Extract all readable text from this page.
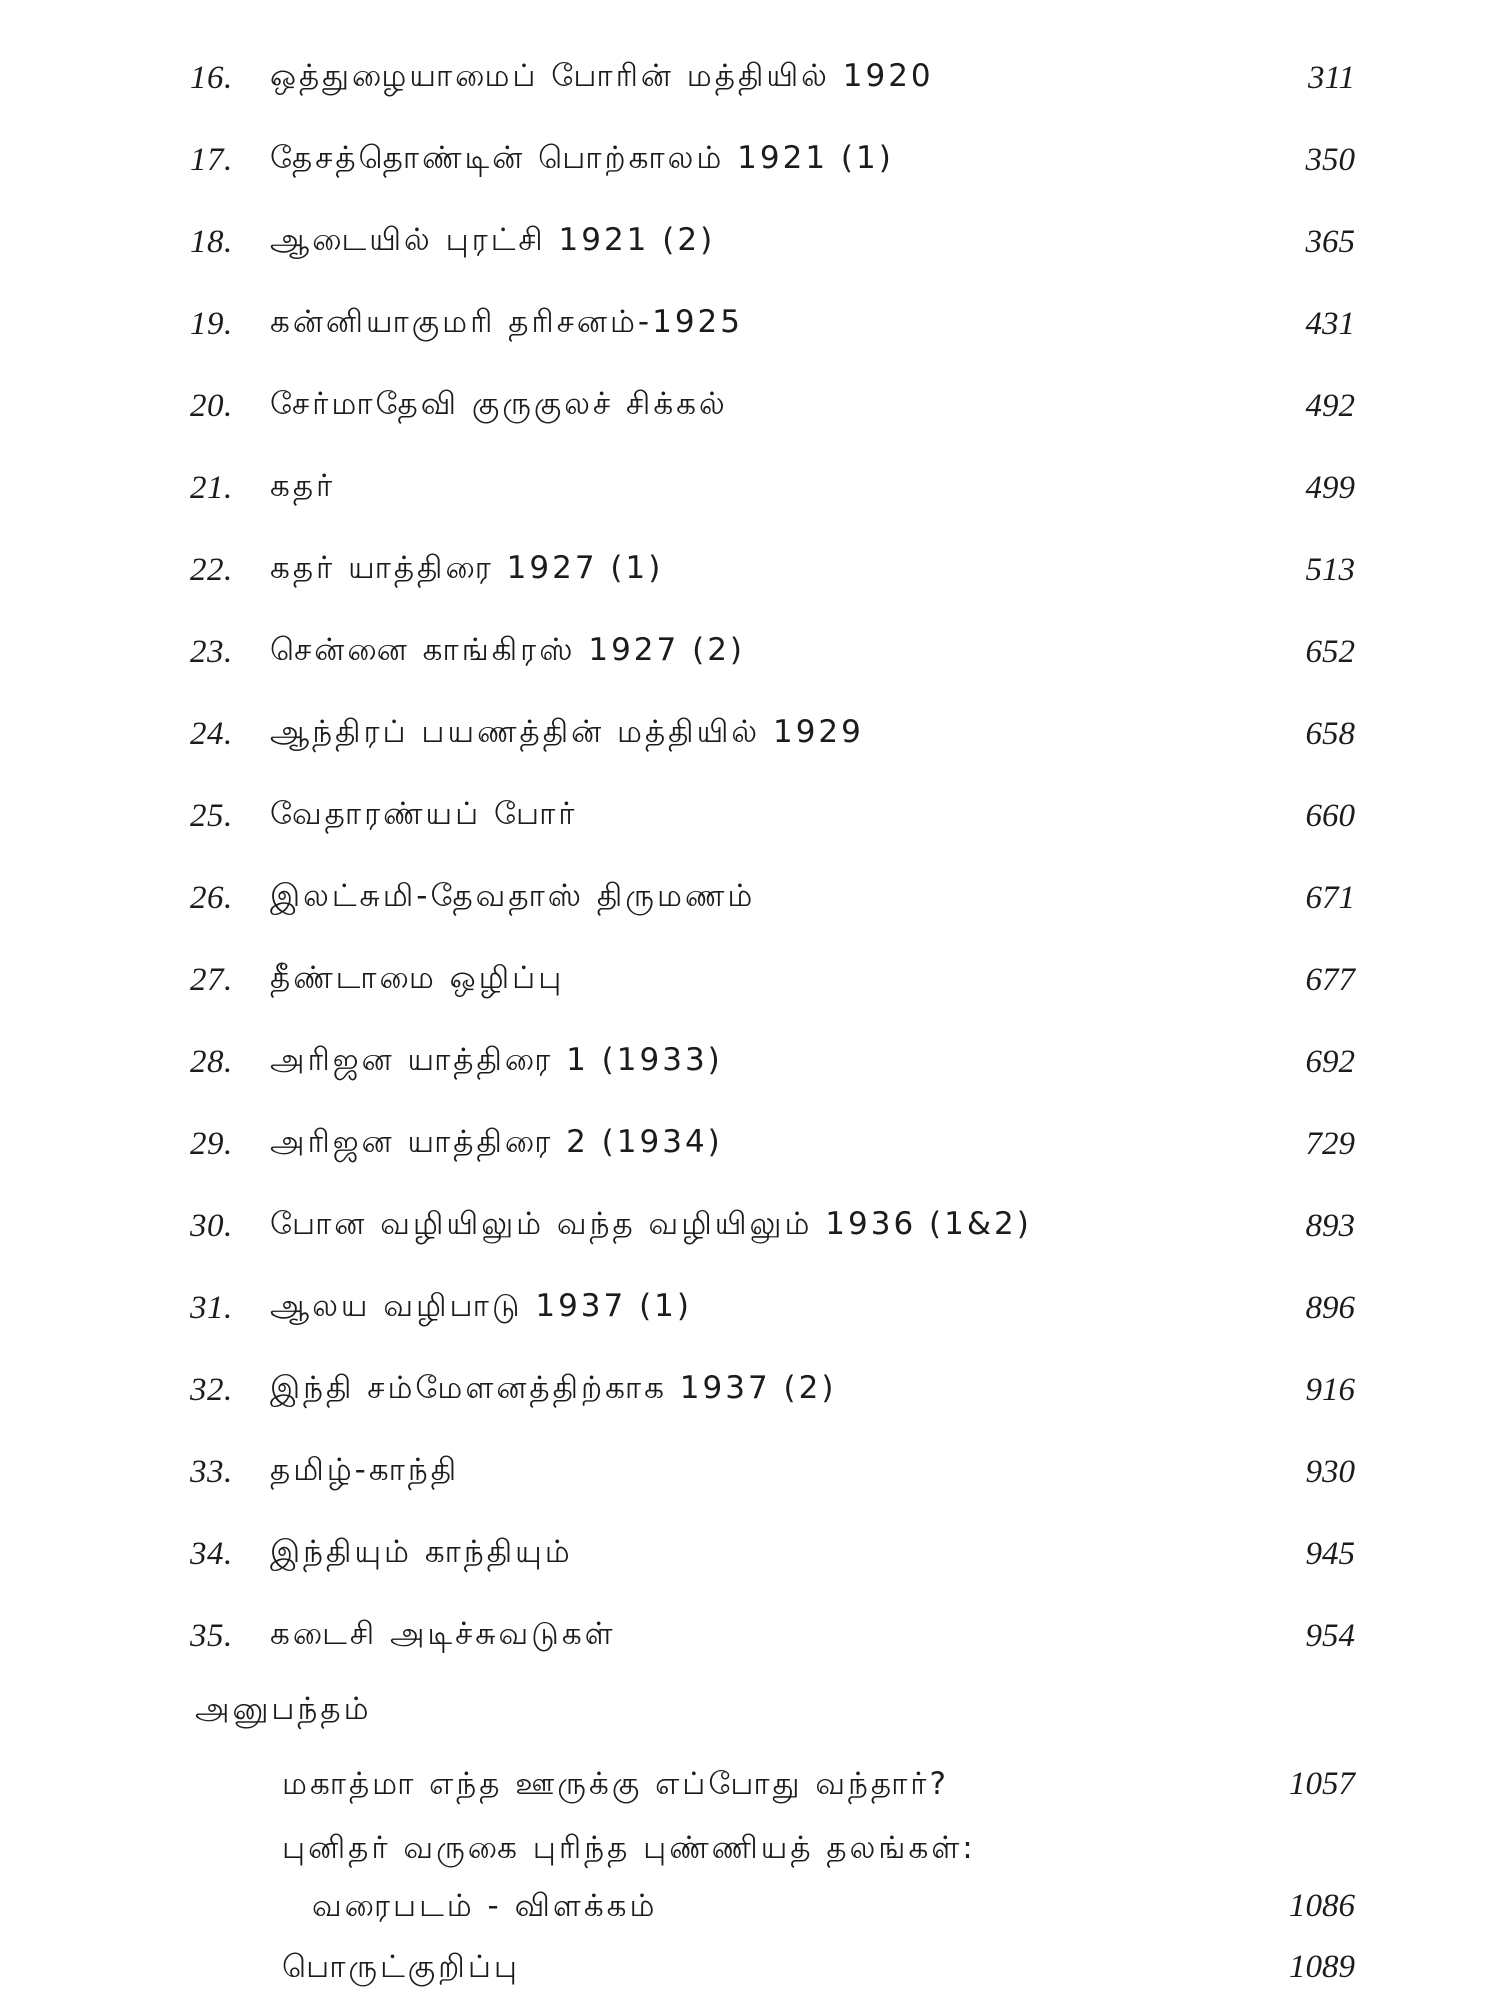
16. ஒத்துழையாமைப் போரின் மத்தியில் 1920	311
17. தேசத்தொண்டின் பொற்காலம் 1921 (1)	350
18. ஆடையில் புரட்சி 1921 (2)	365
19. கன்னியாகுமரி தரிசனம்-1925	431
20. சேர்மாதேவி குருகுலச் சிக்கல்	492
21. கதர்	499
22. கதர் யாத்திரை 1927 (1)	513
23. சென்னை காங்கிரஸ் 1927 (2)	652
24. ஆந்திரப் பயணத்தின் மத்தியில் 1929	658
25. வேதாரண்யப் போர்	660
26. இலட்சுமி-தேவதாஸ் திருமணம்	671
27. தீண்டாமை ஒழிப்பு	677
28. அரிஜன யாத்திரை 1 (1933)	692
29. அரிஜன யாத்திரை 2 (1934)	729
30. போன வழியிலும் வந்த வழியிலும் 1936 (1&2)	893
31. ஆலய வழிபாடு 1937 (1)	896
32. இந்தி சம்மேளனத்திற்காக 1937 (2)	916
33. தமிழ்-காந்தி	930
34. இந்தியும் காந்தியும்	945
35. கடைசி அடிச்சுவடுகள்	954
அனுபந்தம்
மகாத்மா எந்த ஊருக்கு எப்போது வந்தார்?	1057
புனிதர் வருகை புரிந்த புண்ணியத் தலங்கள்:
வரைபடம் - விளக்கம்	1086
பொருட்குறிப்பு	1089
